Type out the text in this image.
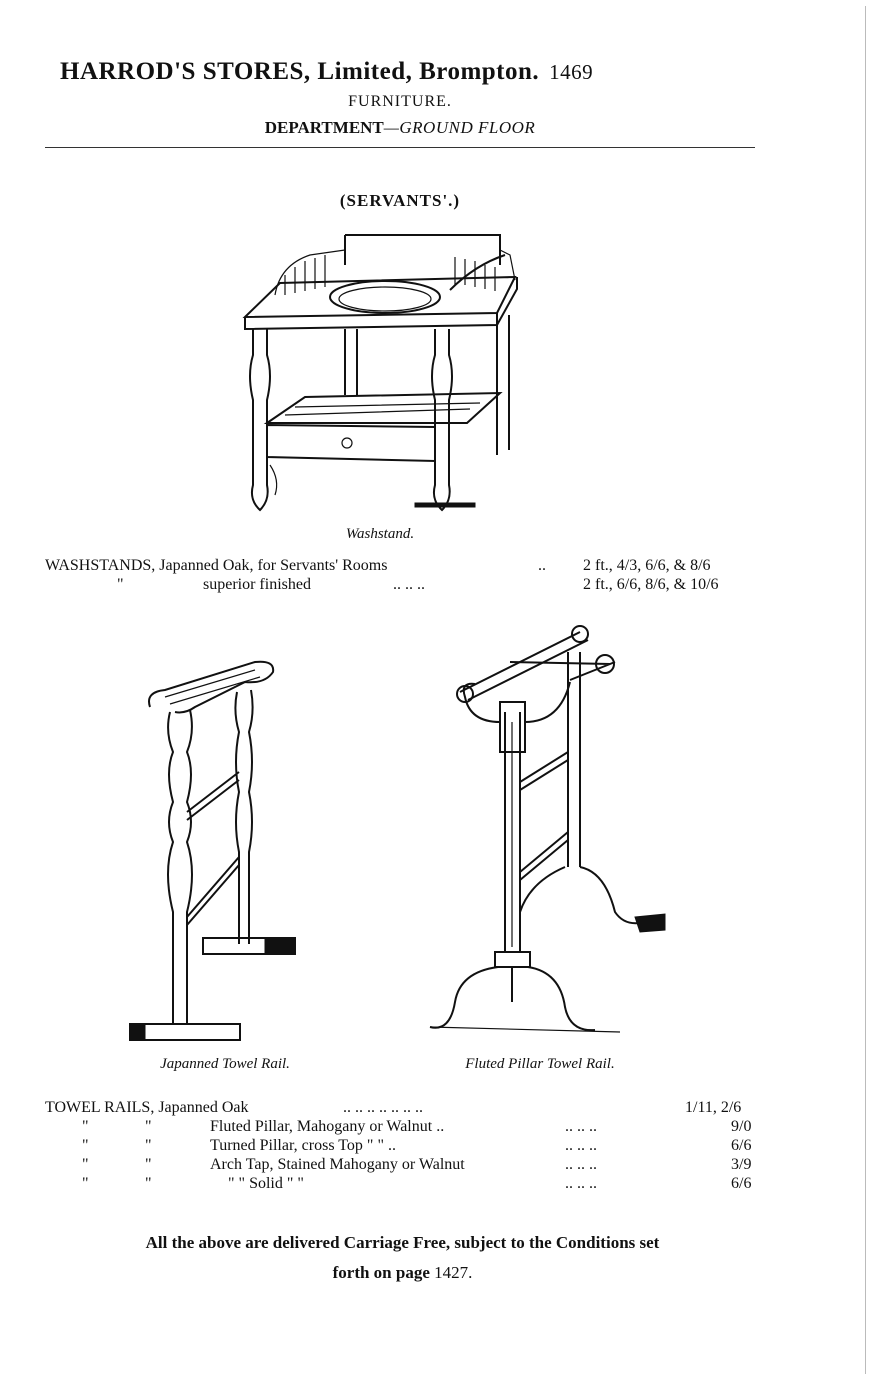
HARROD'S STORES, Limited, Brompton. 1469
FURNITURE.
DEPARTMENT—GROUND FLOOR
(SERVANTS'.)
Washstand.
WASHSTANDS, Japanned Oak, for Servants' Rooms	.. 2 ft., 4/3, 6/6, & 8/6
"	superior finished	.. .. ..	2 ft., 6/6, 8/6, & 10/6
Japanned Towel Rail.	Fluted Pillar Towel Rail.
TOWEL RAILS, Japanned Oak	.. .. .. .. .. .. ..	1/11, 2/6
"	"	Fluted Pillar, Mahogany or Walnut ..	.. .. ..	9/0
"	"	Turned Pillar, cross Top " " ..	.. .. ..	6/6
"	"	Arch Tap, Stained Mahogany or Walnut	.. .. ..	3/9
"	"	" " Solid " "	.. .. ..	6/6
All the above are delivered Carriage Free, subject to the Conditions set
forth on page 1427.
